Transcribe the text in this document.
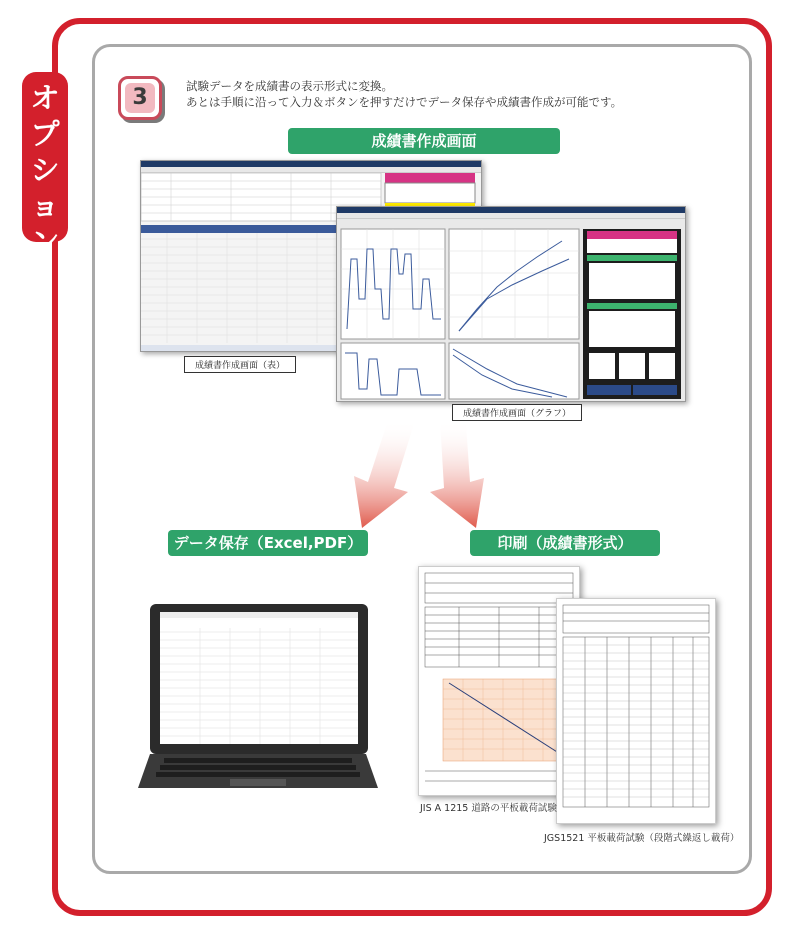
オ
プ
シ
ョ
ン
3	試験データを成績書の表示形式に変換。
あとは手順に沿って入力＆ボタンを押すだけでデータ保存や成績書作成が可能です。
成績書作成画面
成績書作成画面（表）
成績書作成画面（グラフ）
データ保存（Excel,PDF）	印刷（成績書形式）
JIS A 1215 道路の平板載荷試験
JGS1521 平板載荷試験（段階式繰返し載荷）
